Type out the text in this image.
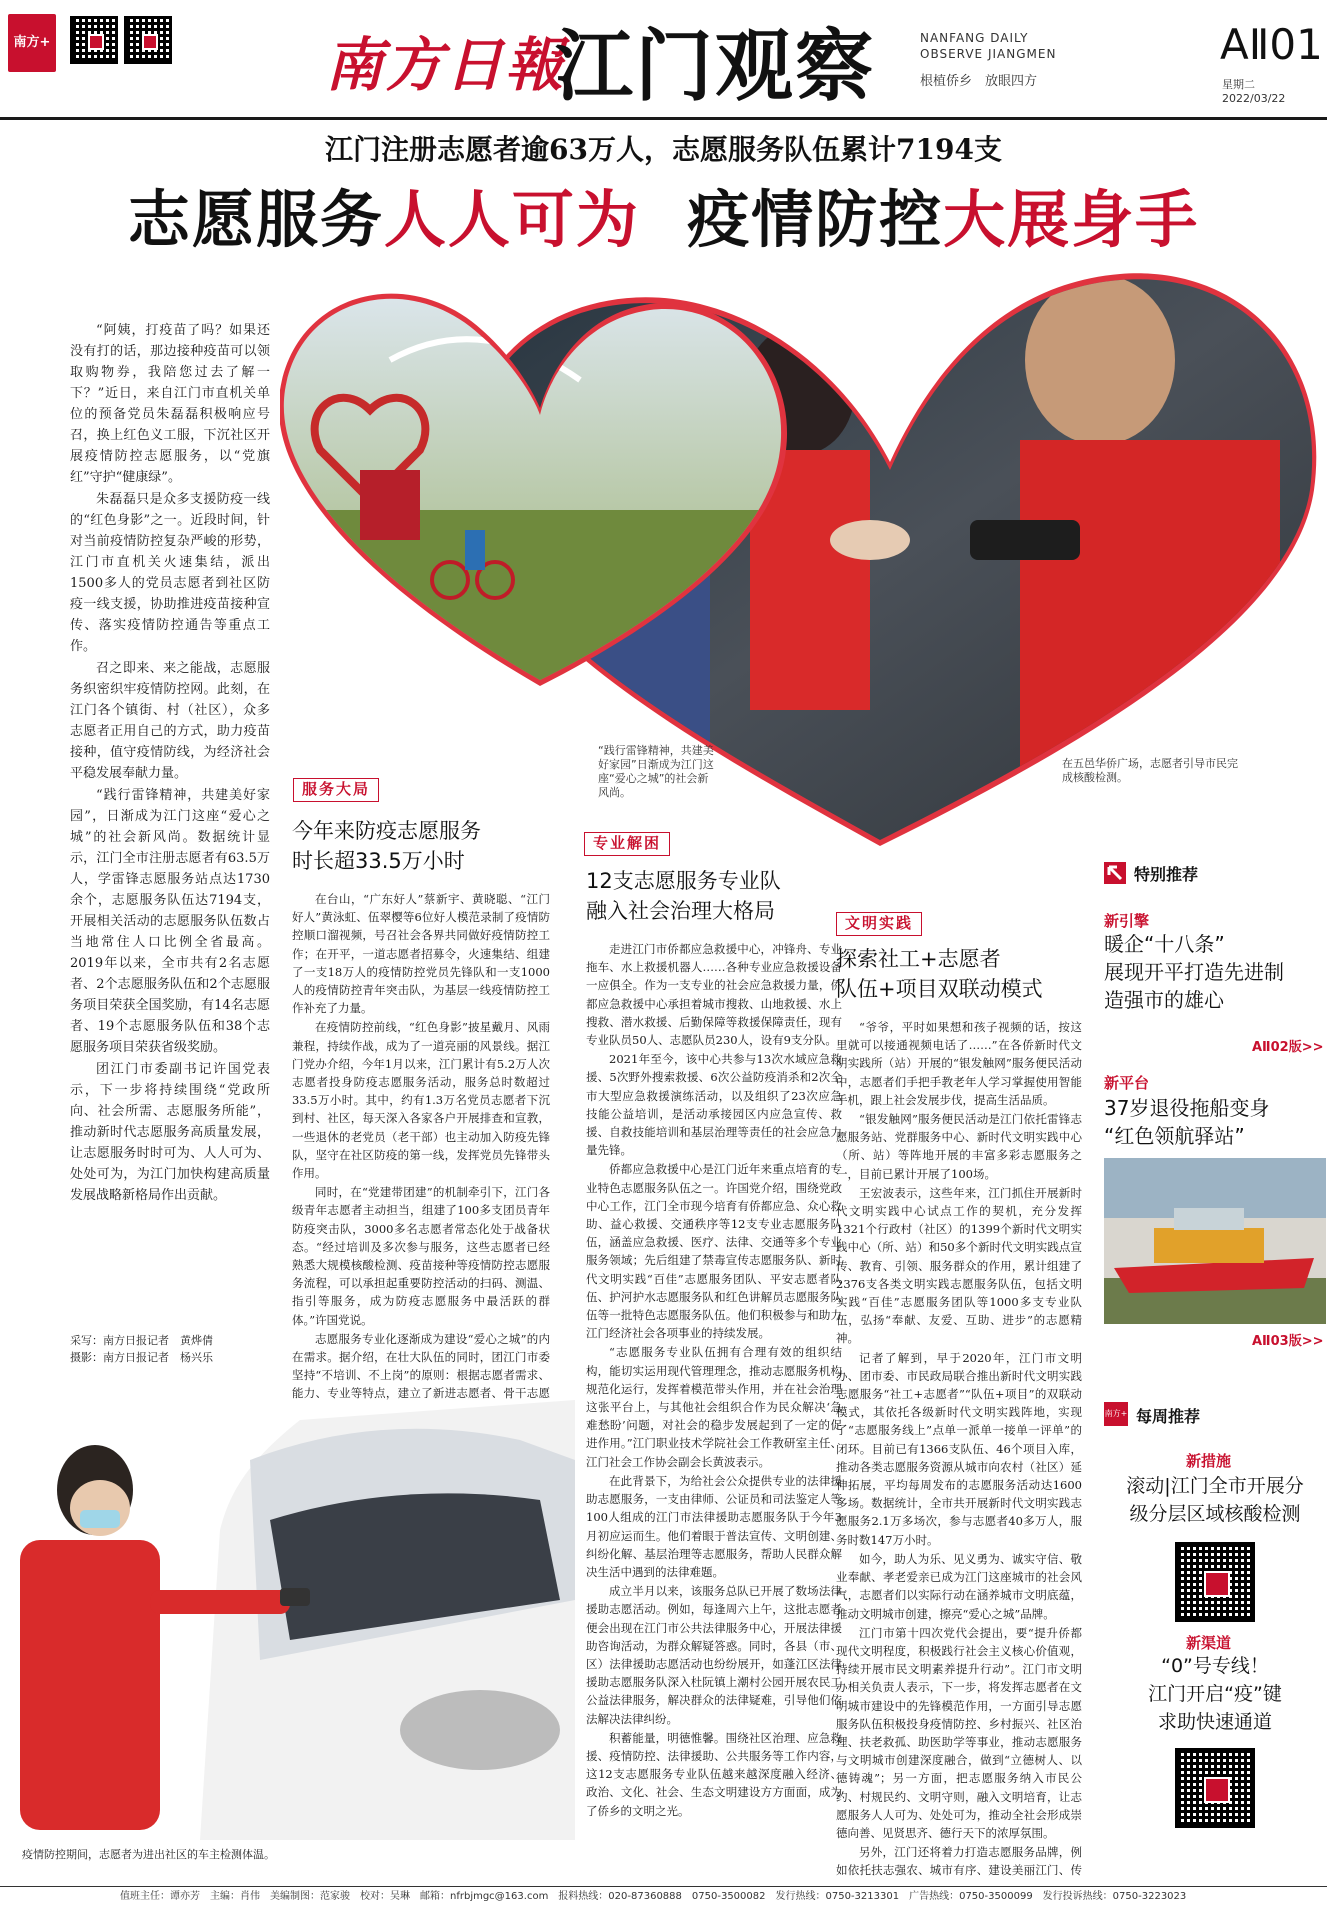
南方+	南方日報
江门观察	NANFANG DAILY
OBSERVE JIANGMEN
根植侨乡　放眼四方
AⅡ01
星期二　2022/03/22
江门注册志愿者逾63万人，志愿服务队伍累计7194支
志愿服务人人可为 疫情防控大展身手
“践行雷锋精神，共建美好家园”日渐成为江门这座“爱心之城”的社会新风尚。
在五邑华侨广场，志愿者引导市民完成核酸检测。

“阿姨，打疫苗了吗？如果还没有打的话，那边接种疫苗可以领取购物券，我陪您过去了解一下？”近日，来自江门市直机关单位的预备党员朱磊磊积极响应号召，换上红色义工服，下沉社区开展疫情防控志愿服务，以“党旗红”守护“健康绿”。

朱磊磊只是众多支援防疫一线的“红色身影”之一。近段时间，针对当前疫情防控复杂严峻的形势，江门市直机关火速集结，派出1500多人的党员志愿者到社区防疫一线支援，协助推进疫苗接种宣传、落实疫情防控通告等重点工作。

召之即来、来之能战，志愿服务织密织牢疫情防控网。此刻，在江门各个镇街、村（社区），众多志愿者正用自己的方式，助力疫苗接种，值守疫情防线，为经济社会平稳发展奉献力量。

“践行雷锋精神，共建美好家园”，日渐成为江门这座“爱心之城”的社会新风尚。数据统计显示，江门全市注册志愿者有63.5万人，学雷锋志愿服务站点达1730余个，志愿服务队伍达7194支，开展相关活动的志愿服务队伍数占当地常住人口比例全省最高。2019年以来，全市共有2名志愿者、2个志愿服务队伍和2个志愿服务项目荣获全国奖励，有14名志愿者、19个志愿服务队伍和38个志愿服务项目荣获省级奖励。

团江门市委副书记许国党表示，下一步将持续围绕“党政所向、社会所需、志愿服务所能”，推动新时代志愿服务高质量发展，让志愿服务时时可为、人人可为、处处可为，为江门加快构建高质量发展战略新格局作出贡献。

采写：南方日报记者　黄烨倩
摄影：南方日报记者　杨兴乐
服务大局
今年来防疫志愿服务
时长超33.5万小时

在台山，“广东好人”蔡新宇、黄晓聪、“江门好人”黄泳虹、伍翠樱等6位好人模范录制了疫情防控顺口溜视频，号召社会各界共同做好疫情防控工作；在开平，一道志愿者招募令，火速集结、组建了一支18万人的疫情防控党员先锋队和一支1000人的疫情防控青年突击队，为基层一线疫情防控工作补充了力量。

在疫情防控前线，“红色身影”披星戴月、风雨兼程，持续作战，成为了一道亮丽的风景线。据江门党办介绍，今年1月以来，江门累计有5.2万人次志愿者投身防疫志愿服务活动，服务总时数超过33.5万小时。其中，约有1.3万名党员志愿者下沉到村、社区，每天深入各家各户开展排查和宣教，一些退休的老党员（老干部）也主动加入防疫先锋队，坚守在社区防疫的第一线，发挥党员先锋带头作用。

同时，在“党建带团建”的机制牵引下，江门各级青年志愿者主动担当，组建了100多支团员青年防疫突击队，3000多名志愿者常态化处于战备状态。“经过培训及多次参与服务，这些志愿者已经熟悉大规模核酸检测、疫苗接种等疫情防控志愿服务流程，可以承担起重要防控活动的扫码、测温、指引等服务，成为防疫志愿服务中最活跃的群体。”许国党说。

志愿服务专业化逐渐成为建设“爱心之城”的内在需求。据介绍，在壮大队伍的同时，团江门市委坚持“不培训、不上岗”的原则：根据志愿者需求、能力、专业等特点，建立了新进志愿者、骨干志愿

专业解困
12支志愿服务专业队
融入社会治理大格局

走进江门市侨都应急救援中心，冲锋舟、专业拖车、水上救援机器人……各种专业应急救援设备一应俱全。作为一支专业的社会应急救援力量，侨都应急救援中心承担着城市搜救、山地救援、水上搜救、潜水救援、后勤保障等救援保障责任，现有专业队员50人、志愿队员230人，设有9支分队。

2021年至今，该中心共参与13次水域应急救援、5次野外搜索救援、6次公益防疫消杀和2次全市大型应急救援演练活动，以及组织了23次应急技能公益培训，是活动承接园区内应急宣传、救援、自救技能培训和基层治理等责任的社会应急力量先锋。

侨都应急救援中心是江门近年来重点培育的专业特色志愿服务队伍之一。许国党介绍，围绕党政中心工作，江门全市现今培育有侨都应急、众心救助、益心救援、交通秩序等12支专业志愿服务队伍，涵盖应急救援、医疗、法律、交通等多个专业服务领域；先后组建了禁毒宣传志愿服务队、新时代文明实践“百佳”志愿服务团队、平安志愿者队伍、护河护水志愿服务队和红色讲解员志愿服务队伍等一批特色志愿服务队伍。他们积极参与和助力江门经济社会各项事业的持续发展。

“志愿服务专业队伍拥有合理有效的组织结构，能切实运用现代管理理念，推动志愿服务机构规范化运行，发挥着模范带头作用，并在社会治理这张平台上，与其他社会组织合作为民众解决‘急难愁盼’问题，对社会的稳步发展起到了一定的促进作用。”江门职业技术学院社会工作教研室主任、江门社会工作协会副会长黄波表示。

在此背景下，为给社会公众提供专业的法律援助志愿服务，一支由律师、公证员和司法鉴定人等100人组成的江门市法律援助志愿服务队于今年3月初应运而生。他们着眼于普法宣传、文明创建、纠纷化解、基层治理等志愿服务，帮助人民群众解决生活中遇到的法律难题。

成立半月以来，该服务总队已开展了数场法律援助志愿活动。例如，每逢周六上午，这批志愿者便会出现在江门市公共法律服务中心，开展法律援助咨询活动，为群众解疑答惑。同时，各县（市、区）法律援助志愿活动也纷纷展开，如蓬江区法律援助志愿服务队深入杜阮镇上潮村公园开展农民工公益法律服务，解决群众的法律疑难，引导他们依法解决法律纠纷。

积蓄能量，明德惟馨。围绕社区治理、应急救援、疫情防控、法律援助、公共服务等工作内容，这12支志愿服务专业队伍越来越深度融入经济、政治、文化、社会、生态文明建设方方面面，成为了侨乡的文明之光。

文明实践
探索社工+志愿者
队伍+项目双联动模式

“爷爷，平时如果想和孩子视频的话，按这里就可以接通视频电话了……”在各侨新时代文明实践所（站）开展的“银发触网”服务便民活动中，志愿者们手把手教老年人学习掌握使用智能手机，跟上社会发展步伐，提高生活品质。

“银发触网”服务便民活动是江门依托雷锋志愿服务站、党群服务中心、新时代文明实践中心（所、站）等阵地开展的丰富多彩志愿服务之一，目前已累计开展了100场。

王宏波表示，这些年来，江门抓住开展新时代文明实践中心试点工作的契机，充分发挥1321个行政村（社区）的1399个新时代文明实践中心（所、站）和50多个新时代文明实践点宣传、教育、引领、服务群众的作用，累计组建了2376支各类文明实践志愿服务队伍，包括文明实践“百佳”志愿服务团队等1000多支专业队伍，弘扬“奉献、友爱、互助、进步”的志愿精神。

记者了解到，早于2020年，江门市文明办、团市委、市民政局联合推出新时代文明实践志愿服务“社工+志愿者”“队伍+项目”的双联动模式，其依托各级新时代文明实践阵地，实现了“志愿服务线上”点单一派单一接单一评单”的闭环。目前已有1366支队伍、46个项目入库，推动各类志愿服务资源从城市向农村（社区）延伸拓展，平均每周发布的志愿服务活动达1600多场。数据统计，全市共开展新时代文明实践志愿服务2.1万多场次，参与志愿者40多万人，服务时数147万小时。

如今，助人为乐、见义勇为、诚实守信、敬业奉献、孝老爱亲已成为江门这座城市的社会风气，志愿者们以实际行动在涵养城市文明底蕴，推动文明城市创建，擦亮“爱心之城”品牌。

江门市第十四次党代会提出，要“提升侨都现代文明程度，积极践行社会主义核心价值观，持续开展市民文明素养提升行动”。江门市文明办相关负责人表示，下一步，将发挥志愿者在文明城市建设中的先锋模范作用，一方面引导志愿服务队伍积极投身疫情防控、乡村振兴、社区治理、扶老救孤、助医助学等事业，推动志愿服务与文明城市创建深度融合，做到“立德树人、以德铸魂”；另一方面，把志愿服务纳入市民公约、村规民约、文明守则，融入文明培育，让志愿服务人人可为、处处可为，推动全社会形成崇德向善、见贤思齐、德行天下的浓厚氛围。

另外，江门还将着力打造志愿服务品牌，例如依托扶志强农、城市有序、建设美丽江门、传

疫情防控期间，志愿者为进出社区的车主检测体温。
特别推荐
新引擎
暖企“十八条”
展现开平打造先进制
造强市的雄心
AⅡ02版>>
新平台
37岁退役拖船变身
“红色领航驿站”
AⅡ03版>>
南方+ 每周推荐
新措施
滚动|江门全市开展分
级分层区域核酸检测
新渠道
“0”号专线！
江门开启“疫”键
求助快速通道
值班主任：谭亦芳　主编：肖伟　美编制图：范家骏　校对：吴琳　邮箱：nfrbjmgc@163.com　报料热线：020-87360888　0750-3500082　发行热线：0750-3213301　广告热线：0750-3500099　发行投诉热线：0750-3223023
